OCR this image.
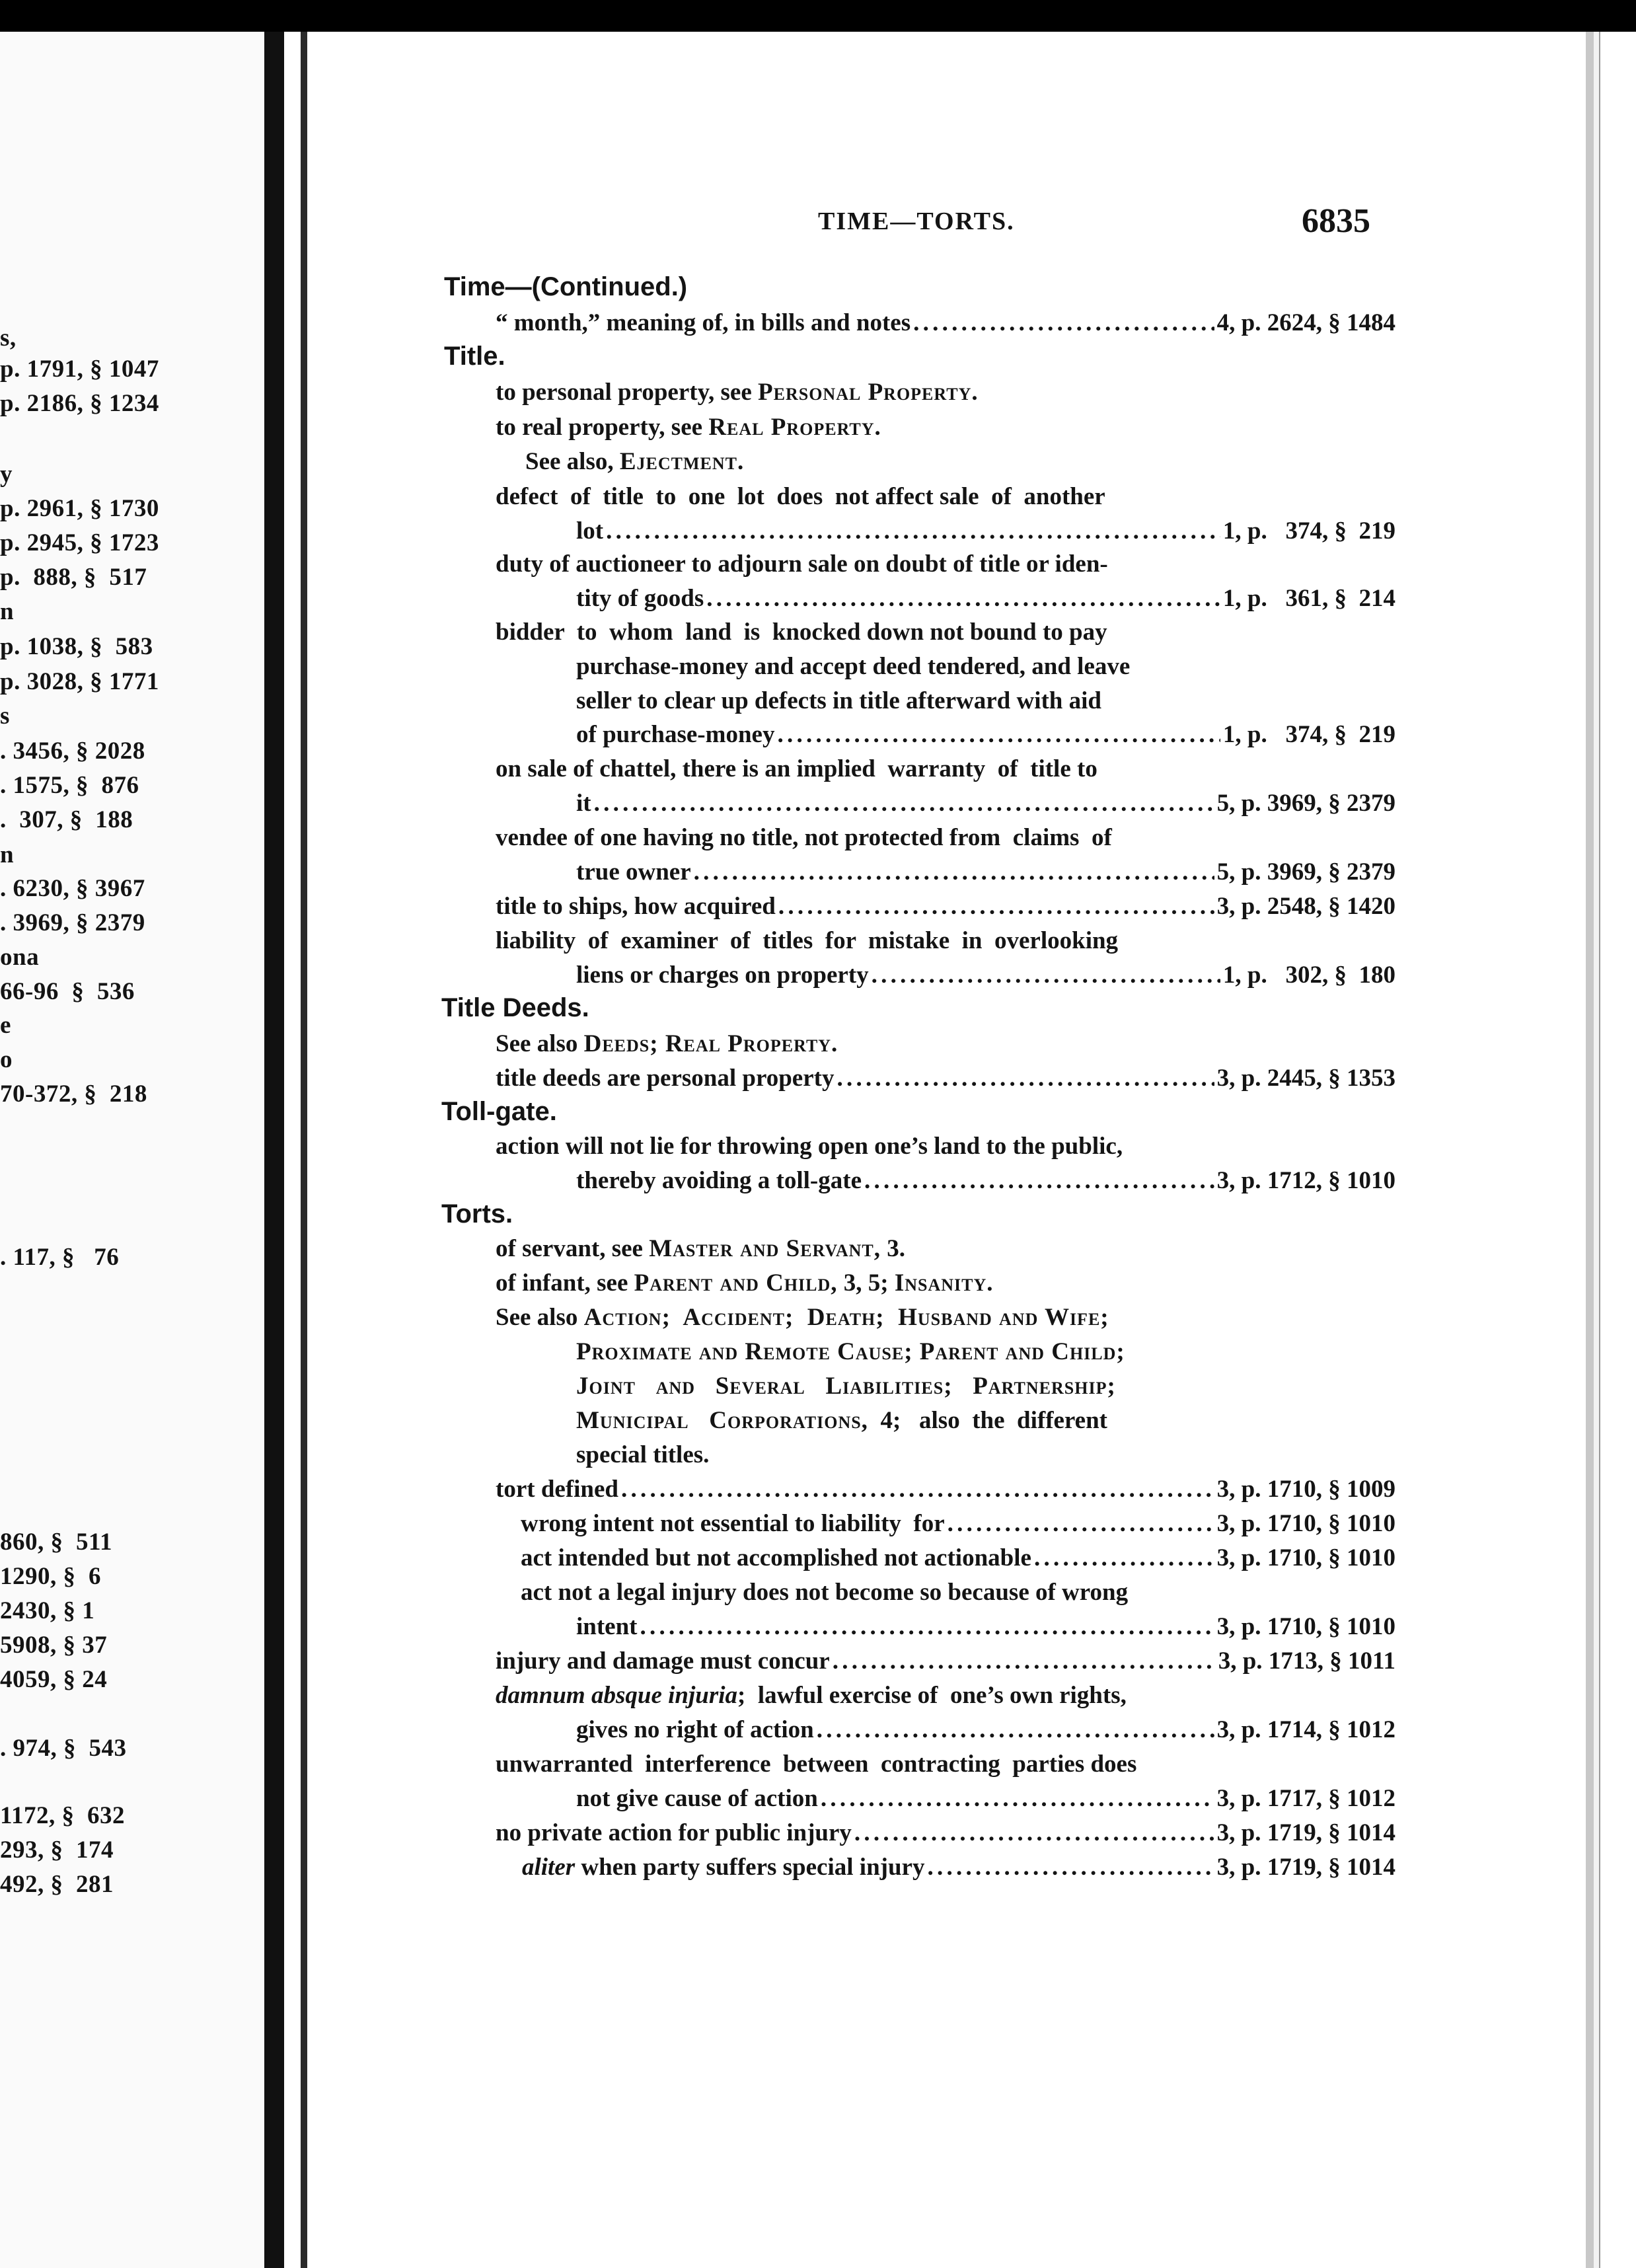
s,
p. 1791, § 1047
p. 2186, § 1234
y
p. 2961, § 1730
p. 2945, § 1723
p.  888, §  517
n
p. 1038, §  583
p. 3028, § 1771
s
. 3456, § 2028
. 1575, §  876
.  307, §  188
n
. 6230, § 3967
. 3969, § 2379
ona
66-96  §  536
e
o
70-372, §  218
. 117, §   76
860, §  511
1290, §  6
2430, § 1
5908, § 37
4059, § 24
. 974, §  543
1172, §  632
293, §  174
492, §  281
TIME—TORTS.	6835
Time—(Continued.)
“ month,” meaning of, in bills and notes . . .	4, p. 2624, § 1484
Title.
to personal property, see Personal Property.
to real property, see Real Property.
See also, Ejectment.
defect  of  title  to  one  lot  does  not affect sale  of  another
lot . . .	1, p.   374, §  219
duty of auctioneer to adjourn sale on doubt of title or iden-
tity of goods . . .	1, p.   361, §  214
bidder  to  whom  land  is  knocked down not bound to pay
purchase-money and accept deed tendered, and leave
seller to clear up defects in title afterward with aid
of purchase-money . . .	1, p.   374, §  219
on sale of chattel, there is an implied  warranty  of  title to
it . . .	5, p. 3969, § 2379
vendee of one having no title, not protected from  claims  of
true owner . . .	5, p. 3969, § 2379
title to ships, how acquired . . .	3, p. 2548, § 1420
liability  of  examiner  of  titles  for  mistake  in  overlooking
liens or charges on property . . .	1, p.   302, §  180
Title Deeds.
See also Deeds; Real Property.
title deeds are personal property . . .	3, p. 2445, § 1353
Toll-gate.
action will not lie for throwing open one’s land to the public,
thereby avoiding a toll-gate . . .	3, p. 1712, § 1010
Torts.
of servant, see Master and Servant, 3.
of infant, see Parent and Child, 3, 5; Insanity.
See also Action;  Accident;  Death;  Husband and Wife;
Proximate and Remote Cause; Parent and Child;
Joint   and   Several   Liabilities;   Partnership;
Municipal   Corporations,  4;   also  the  different
special titles.
tort defined . . .	3, p. 1710, § 1009
wrong intent not essential to liability  for . . .	3, p. 1710, § 1010
act intended but not accomplished not actionable . . .	3, p. 1710, § 1010
act not a legal injury does not become so because of wrong
intent . . .	3, p. 1710, § 1010
injury and damage must concur . . .	3, p. 1713, § 1011
damnum absque injuria;  lawful exercise of  one’s own rights,
gives no right of action . . .	3, p. 1714, § 1012
unwarranted  interference  between  contracting  parties does
not give cause of action . . .	3, p. 1717, § 1012
no private action for public injury . . .	3, p. 1719, § 1014
aliter when party suffers special injury . . .	3, p. 1719, § 1014
